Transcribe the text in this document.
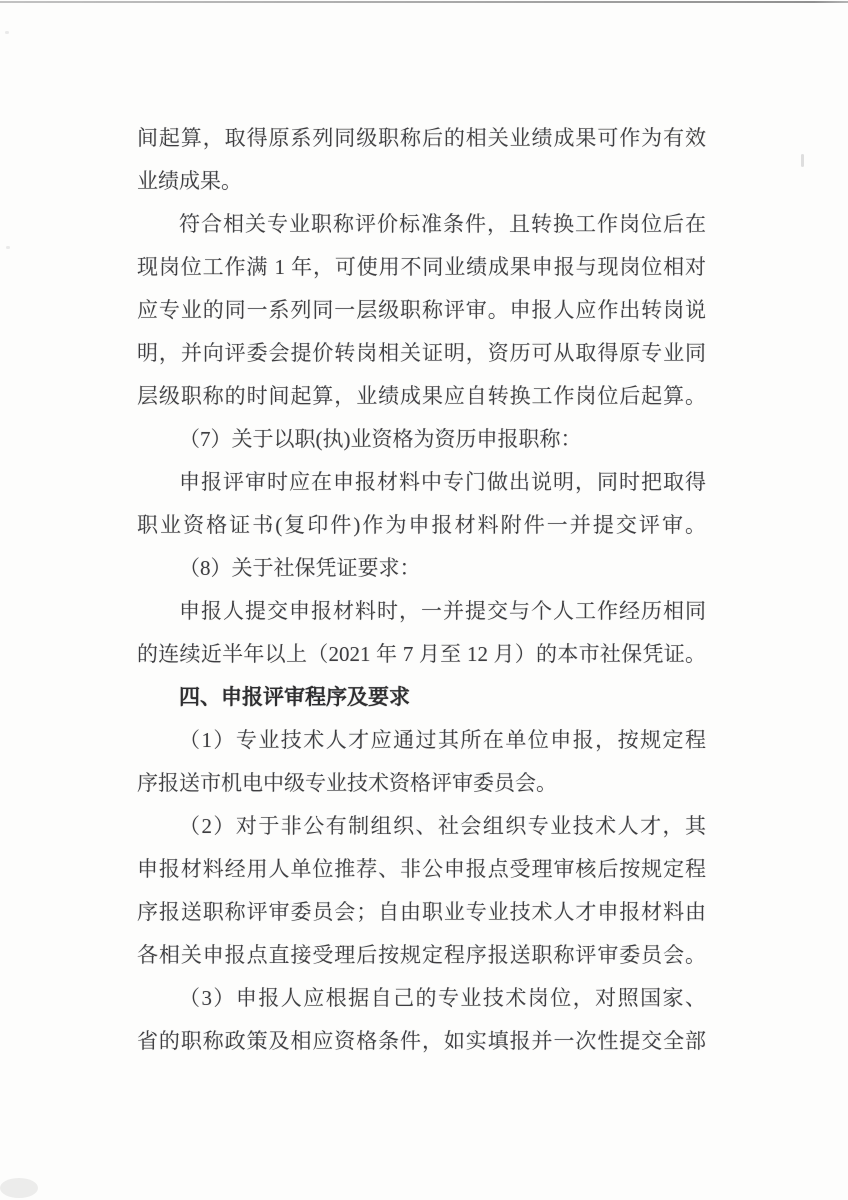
间起算，取得原系列同级职称后的相关业绩成果可作为有效
业绩成果。
符合相关专业职称评价标准条件，且转换工作岗位后在
现岗位工作满 1 年，可使用不同业绩成果申报与现岗位相对
应专业的同一系列同一层级职称评审。申报人应作出转岗说
明，并向评委会提价转岗相关证明，资历可从取得原专业同
层级职称的时间起算，业绩成果应自转换工作岗位后起算。
（7）关于以职(执)业资格为资历申报职称：
申报评审时应在申报材料中专门做出说明，同时把取得
职业资格证书(复印件)作为申报材料附件一并提交评审。
（8）关于社保凭证要求：
申报人提交申报材料时，一并提交与个人工作经历相同
的连续近半年以上（2021 年 7 月至 12 月）的本市社保凭证。
四、申报评审程序及要求
（1）专业技术人才应通过其所在单位申报，按规定程
序报送市机电中级专业技术资格评审委员会。
（2）对于非公有制组织、社会组织专业技术人才，其
申报材料经用人单位推荐、非公申报点受理审核后按规定程
序报送职称评审委员会；自由职业专业技术人才申报材料由
各相关申报点直接受理后按规定程序报送职称评审委员会。
（3）申报人应根据自己的专业技术岗位，对照国家、
省的职称政策及相应资格条件，如实填报并一次性提交全部
